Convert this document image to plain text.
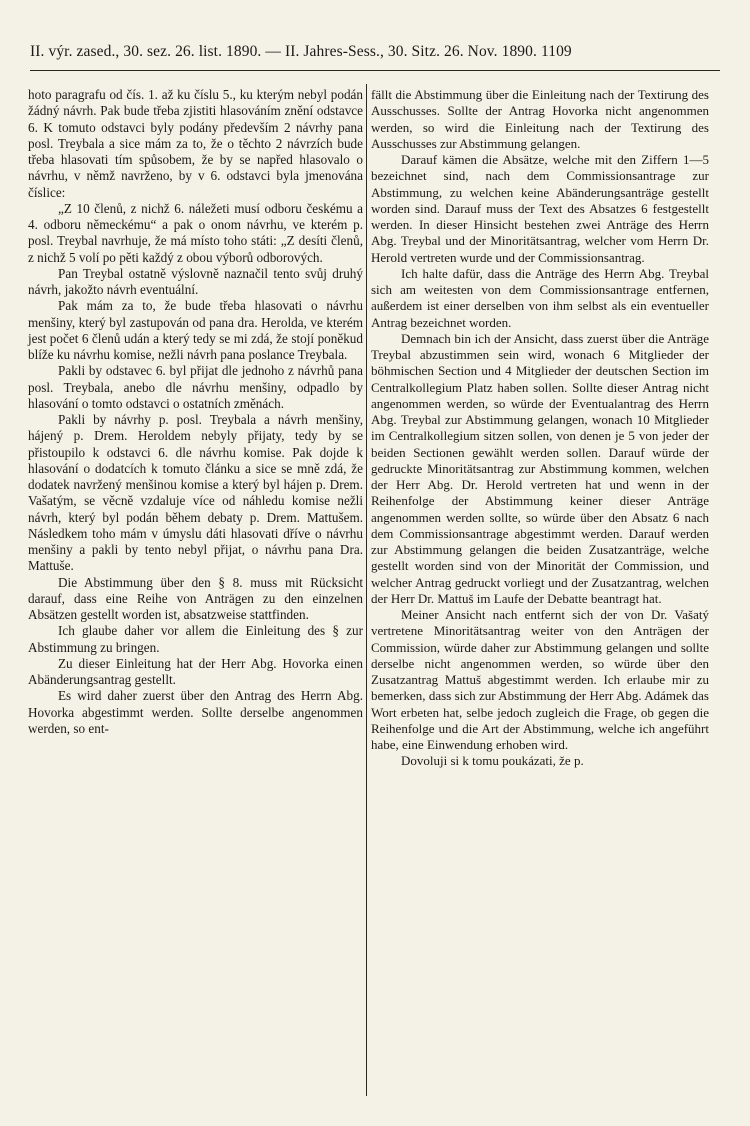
II. výr. zased., 30. sez. 26. list. 1890. — II. Jahres-Sess., 30. Sitz. 26. Nov. 1890. 1109

hoto paragrafu od čís. 1. až ku číslu 5., ku kterým nebyl podán žádný návrh. Pak bude třeba zjistiti hlasováním znění odstavce 6. K tomuto odstavci byly podány především 2 návrhy pana posl. Treybala a sice mám za to, že o těchto 2 návrzích bude třeba hlasovati tím spůsobem, že by se napřed hlasovalo o návrhu, v němž navrženo, by v 6. odstavci byla jmenována číslice:

„Z 10 členů, z nichž 6. náležeti musí odboru českému a 4. odboru německému“ a pak o onom návrhu, ve kterém p. posl. Treybal navrhuje, že má místo toho státi: „Z desíti členů, z nichž 5 volí po pěti každý z obou výborů odborových.

Pan Treybal ostatně výslovně naznačil tento svůj druhý návrh, jakožto návrh eventuální.

Pak mám za to, že bude třeba hlasovati o návrhu menšiny, který byl zastupován od pana dra. Herolda, ve kterém jest počet 6 členů udán a který tedy se mi zdá, že stojí poněkud blíže ku návrhu komise, nežli návrh pana poslance Treybala.

Pakli by odstavec 6. byl přijat dle jednoho z návrhů pana posl. Treybala, anebo dle návrhu menšiny, odpadlo by hlasování o tomto odstavci o ostatních změnách.

Pakli by návrhy p. posl. Treybala a návrh menšiny, hájený p. Drem. Heroldem nebyly přijaty, tedy by se přistoupilo k odstavci 6. dle návrhu komise. Pak dojde k hlasování o dodatcích k tomuto článku a sice se mně zdá, že dodatek navržený menšinou komise a který byl hájen p. Drem. Vašatým, se věcně vzdaluje více od náhledu komise nežli návrh, který byl podán během debaty p. Drem. Mattušem. Následkem toho mám v úmyslu dáti hlasovati dříve o návrhu menšiny a pakli by tento nebyl přijat, o návrhu pana Dra. Mattuše.

Die Abstimmung über den § 8. muss mit Rücksicht darauf, dass eine Reihe von Anträgen zu den einzelnen Absätzen gestellt worden ist, absatzweise stattfinden.

Ich glaube daher vor allem die Einleitung des § zur Abstimmung zu bringen.

Zu dieser Einleitung hat der Herr Abg. Hovorka einen Abänderungsantrag gestellt.

Es wird daher zuerst über den Antrag des Herrn Abg. Hovorka abgestimmt werden. Sollte derselbe angenommen werden, so ent-

fällt die Abstimmung über die Einleitung nach der Textirung des Ausschusses. Sollte der Antrag Hovorka nicht angenommen werden, so wird die Einleitung nach der Textirung des Ausschusses zur Abstimmung gelangen.

Darauf kämen die Absätze, welche mit den Ziffern 1—5 bezeichnet sind, nach dem Commissionsantrage zur Abstimmung, zu welchen keine Abänderungsanträge gestellt worden sind. Darauf muss der Text des Absatzes 6 festgestellt werden. In dieser Hinsicht bestehen zwei Anträge des Herrn Abg. Treybal und der Minoritätsantrag, welcher vom Herrn Dr. Herold vertreten wurde und der Commissionsantrag.

Ich halte dafür, dass die Anträge des Herrn Abg. Treybal sich am weitesten von dem Commissionsantrage entfernen, außerdem ist einer derselben von ihm selbst als ein eventueller Antrag bezeichnet worden.

Demnach bin ich der Ansicht, dass zuerst über die Anträge Treybal abzustimmen sein wird, wonach 6 Mitglieder der böhmischen Section und 4 Mitglieder der deutschen Section im Centralkollegium Platz haben sollen. Sollte dieser Antrag nicht angenommen werden, so würde der Eventualantrag des Herrn Abg. Treybal zur Abstimmung gelangen, wonach 10 Mitglieder im Centralkollegium sitzen sollen, von denen je 5 von jeder der beiden Sectionen gewählt werden sollen. Darauf würde der gedruckte Minoritätsantrag zur Abstimmung kommen, welchen der Herr Abg. Dr. Herold vertreten hat und wenn in der Reihenfolge der Abstimmung keiner dieser Anträge angenommen werden sollte, so würde über den Absatz 6 nach dem Commissionsantrage abgestimmt werden. Darauf werden zur Abstimmung gelangen die beiden Zusatzanträge, welche gestellt worden sind von der Minorität der Commission, und welcher Antrag gedruckt vorliegt und der Zusatzantrag, welchen der Herr Dr. Mattuš im Laufe der Debatte beantragt hat.

Meiner Ansicht nach entfernt sich der von Dr. Vašatý vertretene Minoritätsantrag weiter von den Anträgen der Commission, würde daher zur Abstimmung gelangen und sollte derselbe nicht angenommen werden, so würde über den Zusatzantrag Mattuš abgestimmt werden. Ich erlaube mir zu bemerken, dass sich zur Abstimmung der Herr Abg. Adámek das Wort erbeten hat, selbe jedoch zugleich die Frage, ob gegen die Reihenfolge und die Art der Abstimmung, welche ich angeführt habe, eine Einwendung erhoben wird.

Dovoluji si k tomu poukázati, že p.
